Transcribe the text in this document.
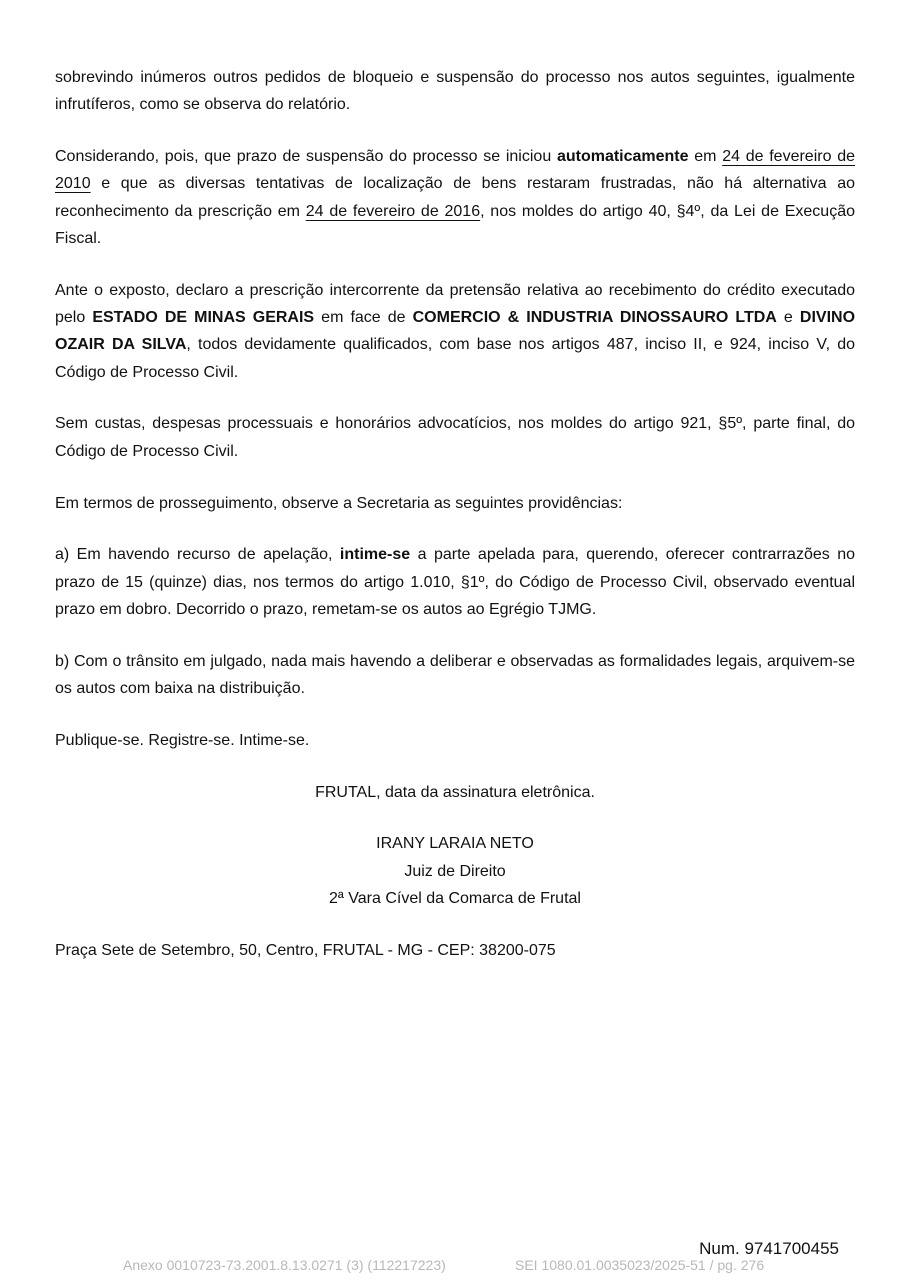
sobrevindo inúmeros outros pedidos de bloqueio e suspensão do processo nos autos seguintes, igualmente infrutíferos, como se observa do relatório.

Considerando, pois, que prazo de suspensão do processo se iniciou automaticamente em 24 de fevereiro de 2010 e que as diversas tentativas de localização de bens restaram frustradas, não há alternativa ao reconhecimento da prescrição em 24 de fevereiro de 2016, nos moldes do artigo 40, §4º, da Lei de Execução Fiscal.

Ante o exposto, declaro a prescrição intercorrente da pretensão relativa ao recebimento do crédito executado pelo ESTADO DE MINAS GERAIS em face de COMERCIO & INDUSTRIA DINOSSAURO LTDA e DIVINO OZAIR DA SILVA, todos devidamente qualificados, com base nos artigos 487, inciso II, e 924, inciso V, do Código de Processo Civil.

Sem custas, despesas processuais e honorários advocatícios, nos moldes do artigo 921, §5º, parte final, do Código de Processo Civil.

Em termos de prosseguimento, observe a Secretaria as seguintes providências:

a) Em havendo recurso de apelação, intime-se a parte apelada para, querendo, oferecer contrarrazões no prazo de 15 (quinze) dias, nos termos do artigo 1.010, §1º, do Código de Processo Civil, observado eventual prazo em dobro. Decorrido o prazo, remetam-se os autos ao Egrégio TJMG.

b) Com o trânsito em julgado, nada mais havendo a deliberar e observadas as formalidades legais, arquivem-se os autos com baixa na distribuição.

Publique-se. Registre-se. Intime-se.

FRUTAL, data da assinatura eletrônica.

IRANY LARAIA NETO
Juiz de Direito
2ª Vara Cível da Comarca de Frutal

Praça Sete de Setembro, 50, Centro, FRUTAL - MG - CEP: 38200-075

Num. 9741700455
Anexo 0010723-73.2001.8.13.0271 (3) (112217223)	SEI 1080.01.0035023/2025-51 / pg. 276
